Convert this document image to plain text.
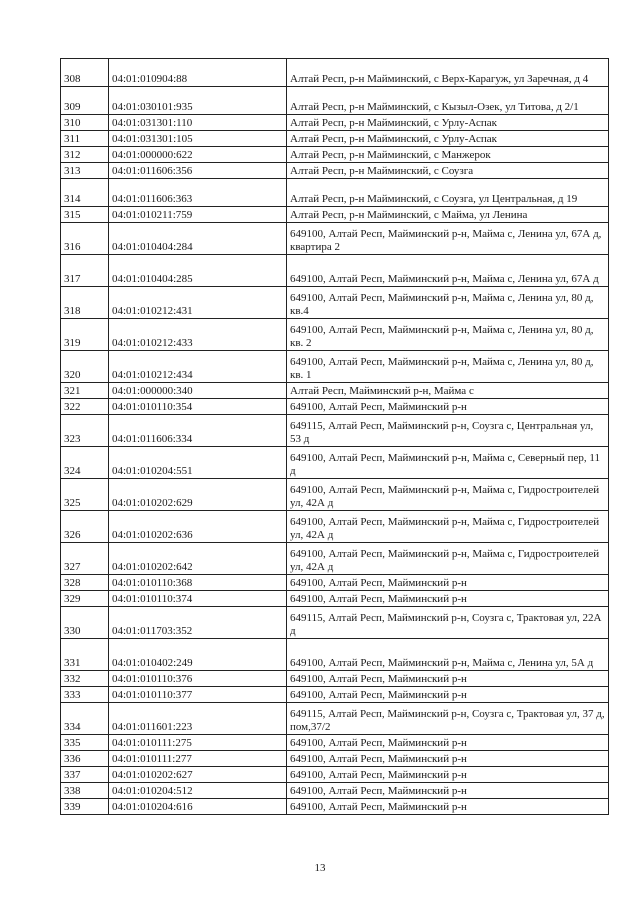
308	04:01:010904:88	Алтай Респ, р-н Майминский, с Верх-Карагуж, ул Заречная, д 4
309	04:01:030101:935	Алтай Респ, р-н Майминский, с Кызыл-Озек, ул Титова, д 2/1
310	04:01:031301:110	Алтай Респ, р-н Майминский, с Урлу-Аспак
311	04:01:031301:105	Алтай Респ, р-н Майминский, с Урлу-Аспак
312	04:01:000000:622	Алтай Респ, р-н Майминский, с Манжерок
313	04:01:011606:356	Алтай Респ, р-н Майминский, с Соузга
314	04:01:011606:363	Алтай Респ, р-н Майминский, с Соузга, ул Центральная, д 19
315	04:01:010211:759	Алтай Респ, р-н Майминский, с Майма, ул Ленина
316	04:01:010404:284	649100, Алтай Респ, Майминский р-н, Майма с, Ленина ул, 67А д, квартира 2
317	04:01:010404:285	649100, Алтай Респ, Майминский р-н, Майма с, Ленина ул, 67А д
318	04:01:010212:431	649100, Алтай Респ, Майминский р-н, Майма с, Ленина ул, 80 д, кв.4
319	04:01:010212:433	649100, Алтай Респ, Майминский р-н, Майма с, Ленина ул, 80 д, кв. 2
320	04:01:010212:434	649100, Алтай Респ, Майминский р-н, Майма с, Ленина ул, 80 д, кв. 1
321	04:01:000000:340	Алтай Респ, Майминский р-н, Майма с
322	04:01:010110:354	649100, Алтай Респ, Майминский р-н
323	04:01:011606:334	649115, Алтай Респ, Майминский р-н, Соузга с, Центральная ул, 53 д
324	04:01:010204:551	649100, Алтай Респ, Майминский р-н, Майма с, Северный пер, 11 д
325	04:01:010202:629	649100, Алтай Респ, Майминский р-н, Майма с, Гидростроителей ул, 42А д
326	04:01:010202:636	649100, Алтай Респ, Майминский р-н, Майма с, Гидростроителей ул, 42А д
327	04:01:010202:642	649100, Алтай Респ, Майминский р-н, Майма с, Гидростроителей ул, 42А д
328	04:01:010110:368	649100, Алтай Респ, Майминский р-н
329	04:01:010110:374	649100, Алтай Респ, Майминский р-н
330	04:01:011703:352	649115, Алтай Респ, Майминский р-н, Соузга с, Трактовая ул, 22А д
331	04:01:010402:249	649100, Алтай Респ, Майминский р-н, Майма с, Ленина ул, 5А д
332	04:01:010110:376	649100, Алтай Респ, Майминский р-н
333	04:01:010110:377	649100, Алтай Респ, Майминский р-н
334	04:01:011601:223	649115, Алтай Респ, Майминский р-н, Соузга с, Трактовая ул, 37 д, пом,37/2
335	04:01:010111:275	649100, Алтай Респ, Майминский р-н
336	04:01:010111:277	649100, Алтай Респ, Майминский р-н
337	04:01:010202:627	649100, Алтай Респ, Майминский р-н
338	04:01:010204:512	649100, Алтай Респ, Майминский р-н
339	04:01:010204:616	649100, Алтай Респ, Майминский р-н
13
